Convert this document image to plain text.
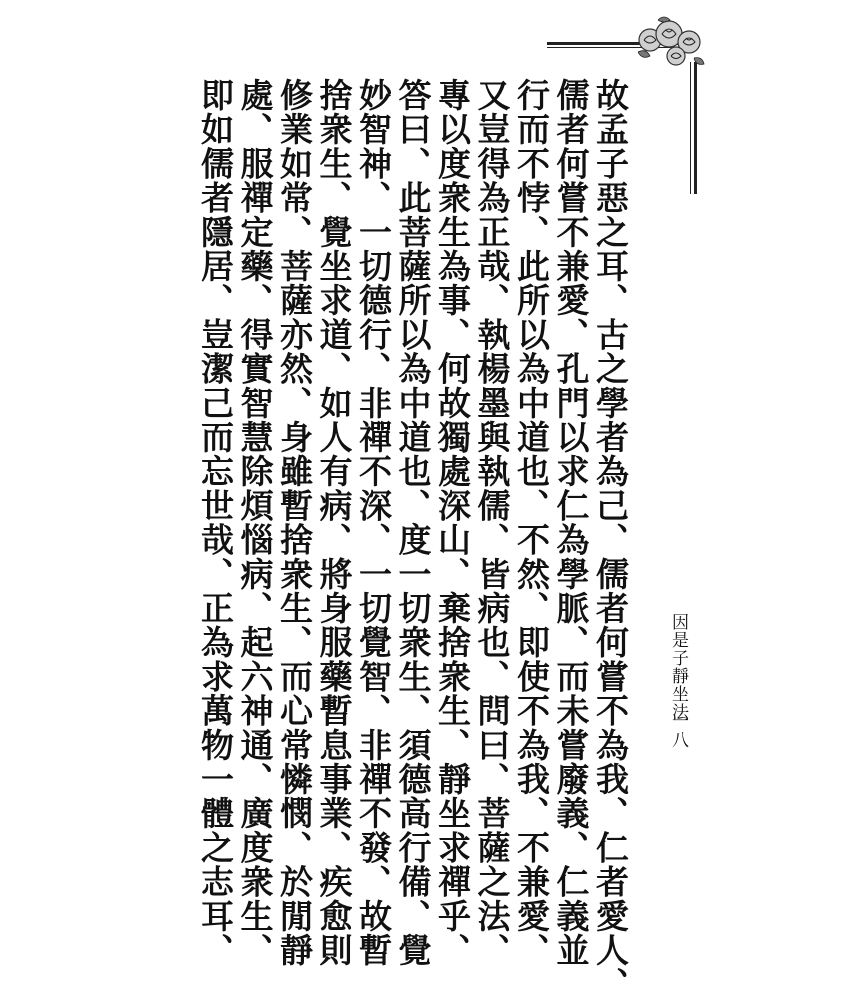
故孟子惡之耳、古之學者為己、儒者何嘗不為我、仁者愛人、
儒者何嘗不兼愛、孔門以求仁為學脈、而未嘗廢義、仁義並
行而不悖、此所以為中道也、不然、即使不為我、不兼愛、
又豈得為正哉、執楊墨與執儒、皆病也、問曰、菩薩之法、
專以度衆生為事、何故獨處深山、棄捨衆生、靜坐求禪乎、
答曰、此菩薩所以為中道也、度一切衆生、須德高行備、覺
妙智神、一切德行、非禪不深、一切覺智、非禪不發、故暫
捨衆生、覺坐求道、如人有病、將身服藥暫息事業、疾愈則
修業如常、菩薩亦然、身雖暫捨衆生、而心常憐憫、於閒靜
處、服禪定藥、得實智慧除煩惱病、起六神通、廣度衆生、
即如儒者隱居、豈潔己而忘世哉、正為求萬物一體之志耳、	因是子靜坐法
一八
